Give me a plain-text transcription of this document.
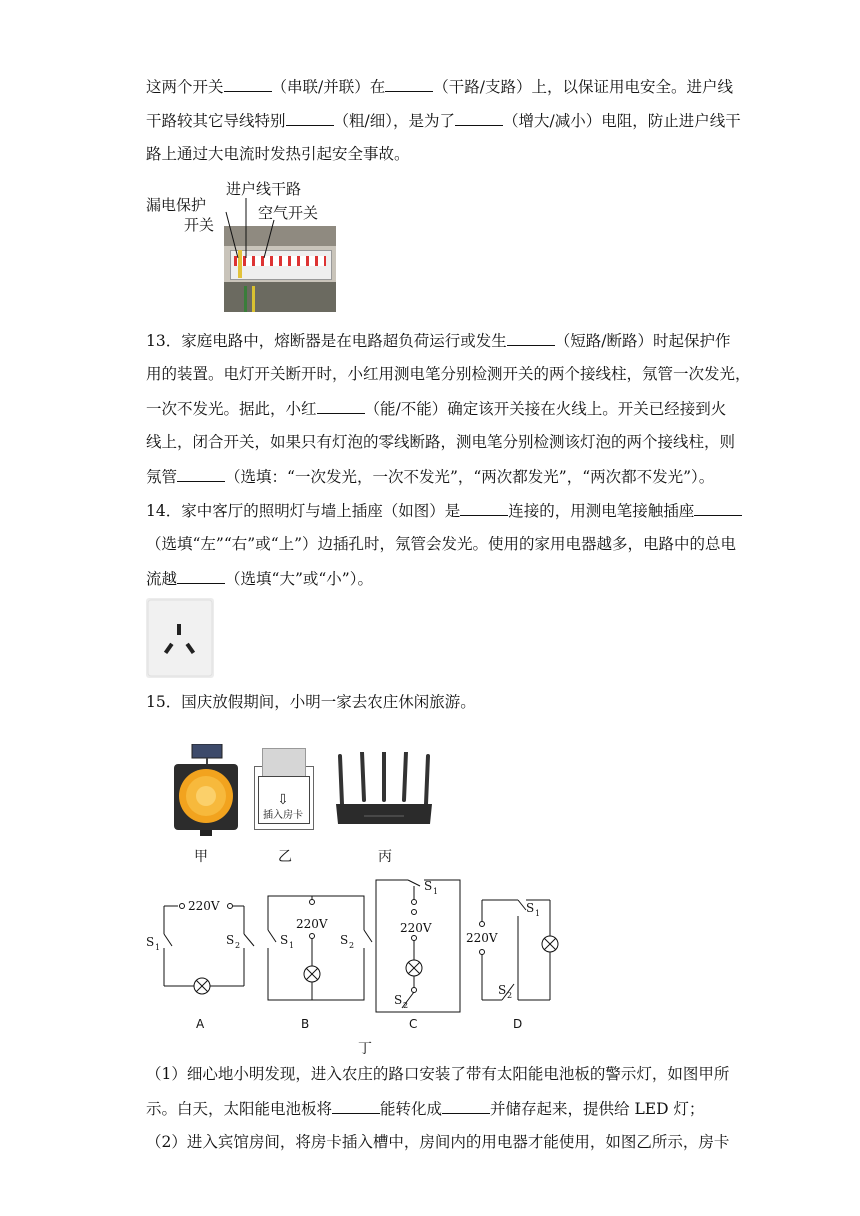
这两个开关	（串联/并联）在	（干路/支路）上，以保证用电安全。进户线
干路较其它导线特别	（粗/细），是为了	（增大/减小）电阻，防止进户线干
路上通过大电流时发热引起安全事故。
漏电保护
开关
进户线干路
空气开关
13．家庭电路中，熔断器是在电路超负荷运行或发生	（短路/断路）时起保护作
用的装置。电灯开关断开时，小红用测电笔分别检测开关的两个接线柱，氖管一次发光，
一次不发光。据此，小红	（能/不能）确定该开关接在火线上。开关已经接到火
线上，闭合开关，如果只有灯泡的零线断路，测电笔分别检测该灯泡的两个接线柱，则
氖管	（选填：“一次发光，一次不发光”，“两次都发光”，“两次都不发光”）。
14．家中客厅的照明灯与墙上插座（如图）是	连接的，用测电笔接触插座
（选填“左”“右”或“上”）边插孔时，氖管会发光。使用的家用电器越多，电路中的总电
流越	（选填“大”或“小”）。
15．国庆放假期间，小明一家去农庄休闲旅游。
⇩
插入房卡
甲	乙	丙
220V
S 1
S 2
A
220V
S 1	S 2
B
S 1
220V
S 2
C
220V
S 2
S 1
D
丁
（1）细心地小明发现，进入农庄的路口安装了带有太阳能电池板的警示灯，如图甲所
示。白天，太阳能电池板将	能转化成	并储存起来，提供给 LED 灯；
（2）进入宾馆房间，将房卡插入槽中，房间内的用电器才能使用，如图乙所示，房卡
